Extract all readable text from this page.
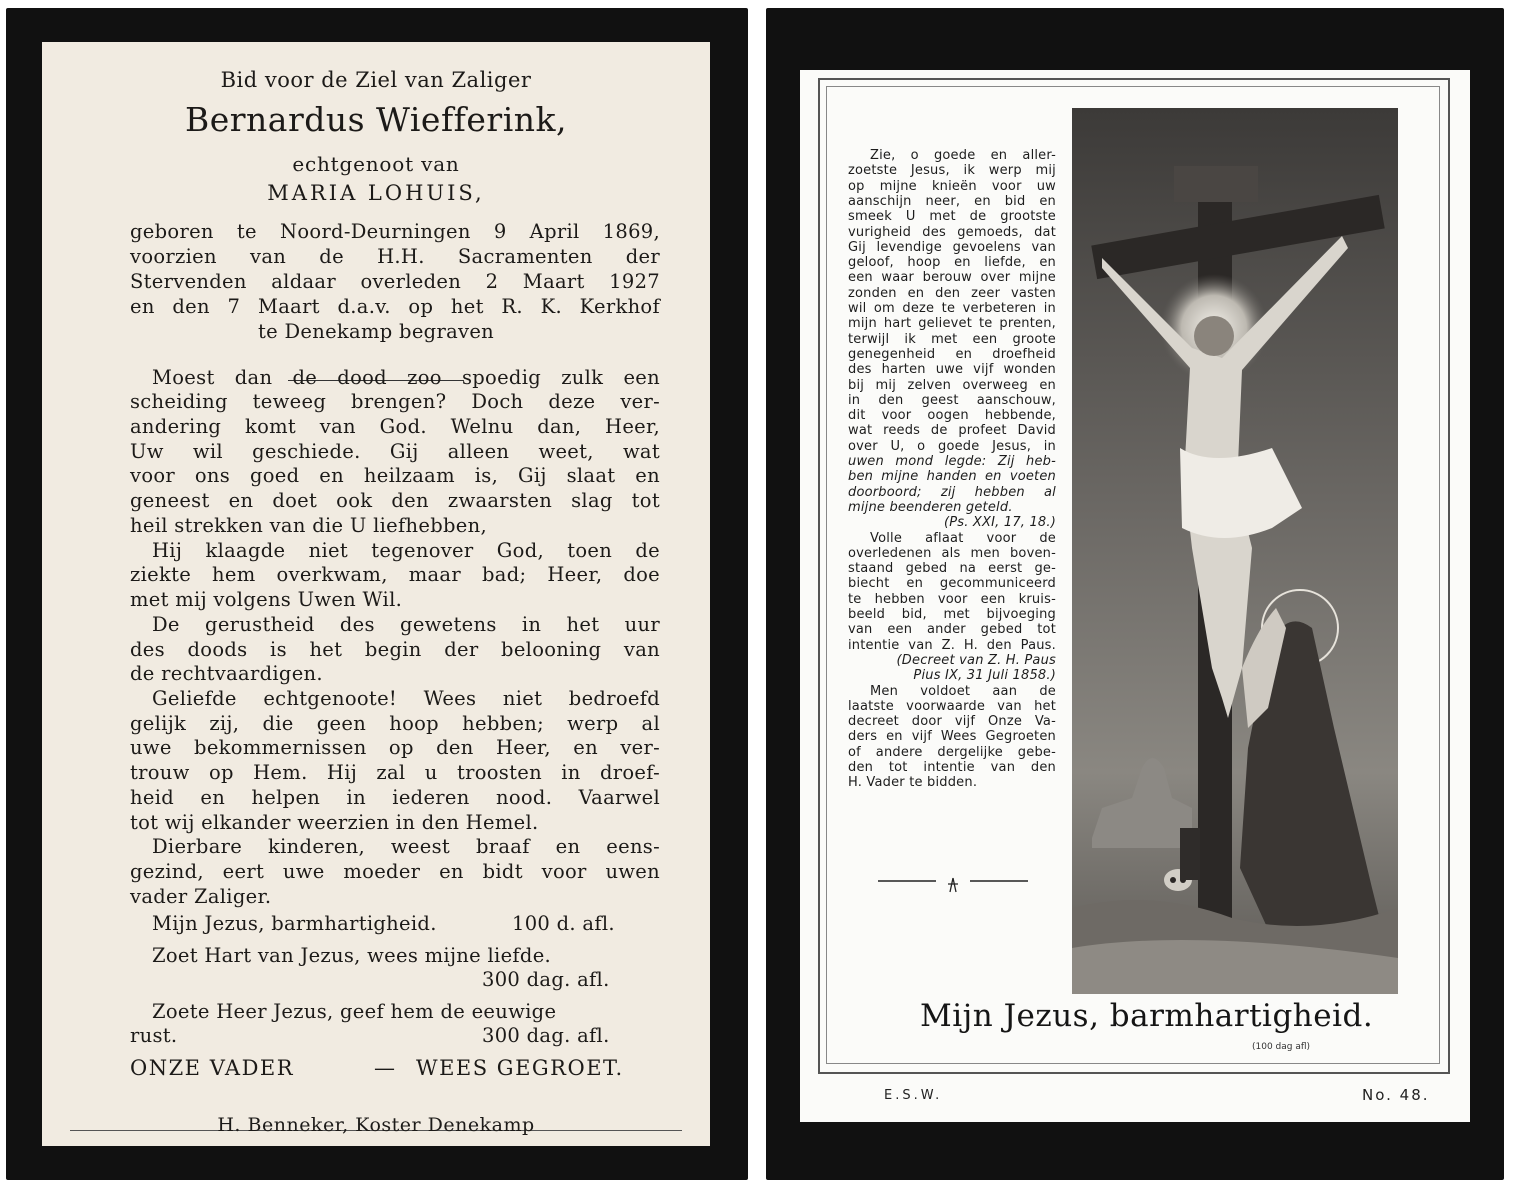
Bid voor de Ziel van Zaliger
Bernardus Wiefferink,
echtgenoot van
MARIA LOHUIS,
geboren te Noord-Deurningen 9 April 1869,
voorzien van de H.H. Sacramenten der
Stervenden aldaar overleden 2 Maart 1927
en den 7 Maart d.a.v. op het R. K. Kerkhof
te Denekamp begraven
Moest dan de dood zoo spoedig zulk een
scheiding teweeg brengen? Doch deze ver-
andering komt van God. Welnu dan, Heer,
Uw wil geschiede. Gij alleen weet, wat
voor ons goed en heilzaam is, Gij slaat en
geneest en doet ook den zwaarsten slag tot
heil strekken van die U liefhebben,
Hij klaagde niet tegenover God, toen de
ziekte hem overkwam, maar bad; Heer, doe
met mij volgens Uwen Wil.
De gerustheid des gewetens in het uur
des doods is het begin der belooning van
de rechtvaardigen.
Geliefde echtgenoote! Wees niet bedroefd
gelijk zij, die geen hoop hebben; werp al
uwe bekommernissen op den Heer, en ver-
trouw op Hem. Hij zal u troosten in droef-
heid en helpen in iederen nood. Vaarwel
tot wij elkander weerzien in den Hemel.
Dierbare kinderen, weest braaf en eens-
gezind, eert uwe moeder en bidt voor uwen
vader Zaliger.
Mijn Jezus, barmhartigheid.	100 d. afl.
Zoet Hart van Jezus, wees mijne liefde.
300 dag. afl.
Zoete Heer Jezus, geef hem de eeuwige
rust.	300 dag. afl.
ONZE VADER	— WEES GEGROET.
H. Benneker, Koster Denekamp
Zie, o goede en aller-
zoetste Jesus, ik werp mij
op mijne knieën voor uw
aanschijn neer, en bid en
smeek U met de grootste
vurigheid des gemoeds, dat
Gij levendige gevoelens van
geloof, hoop en liefde, en
een waar berouw over mijne
zonden en den zeer vasten
wil om deze te verbeteren in
mijn hart gelievet te prenten,
terwijl ik met een groote
genegenheid en droefheid
des harten uwe vijf wonden
bij mij zelven overweeg en
in den geest aanschouw,
dit voor oogen hebbende,
wat reeds de profeet David
over U, o goede Jesus, in
uwen mond legde: Zij heb-
ben mijne handen en voeten
doorboord; zij hebben al
mijne beenderen geteld.
(Ps. XXI, 17, 18.)
Volle aflaat voor de
overledenen als men boven-
staand gebed na eerst ge-
biecht en gecommuniceerd
te hebben voor een kruis-
beeld bid, met bijvoeging
van een ander gebed tot
intentie van Z. H. den Paus.
(Decreet van Z. H. Paus
Pius IX, 31 Juli 1858.)
Men voldoet aan de
laatste voorwaarde van het
decreet door vijf Onze Va-
ders en vijf Wees Gegroeten
of andere dergelijke gebe-
den tot intentie van den
H. Vader te bidden.
Mijn Jezus, barmhartigheid.
(100 dag afl)
E.S.W.	No. 48.
